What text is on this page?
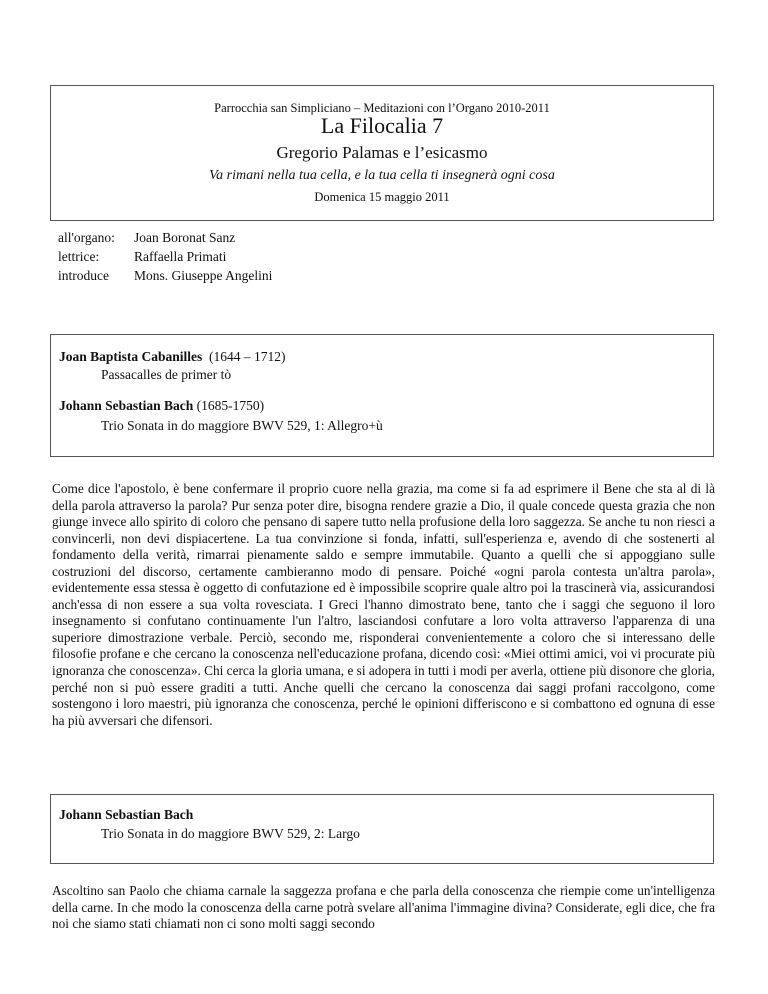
Parrocchia san Simpliciano – Meditazioni con l’Organo 2010-2011
La Filocalia 7
Gregorio Palamas e l’esicasmo
Va rimani nella tua cella, e la tua cella ti insegnerà ogni cosa
Domenica 15 maggio 2011
all'organo: Joan Boronat Sanz
lettrice:	Raffaella Primati
introduce Mons. Giuseppe Angelini
Joan Baptista Cabanilles (1644 – 1712)
Passacalles de primer tò
Johann Sebastian Bach (1685-1750)
Trio Sonata in do maggiore BWV 529, 1: Allegro+ù

Come dice l'apostolo, è bene confermare il proprio cuore nella grazia, ma come si fa ad esprimere il Bene che sta al di là della parola attraverso la parola? Pur senza poter dire, bisogna rendere grazie a Dio, il quale concede questa grazia che non giunge invece allo spirito di coloro che pensano di sapere tutto nella profusione della loro saggezza. Se anche tu non riesci a convincerli, non devi dispiacertene. La tua convinzione si fonda, infatti, sull'esperienza e, avendo di che sostenerti al fondamento della verità, rimarrai pienamente saldo e sempre immutabile. Quanto a quelli che si appoggiano sulle costruzioni del discorso, certamente cambieranno modo di pensare. Poiché «ogni parola contesta un'altra parola», evidentemente essa stessa è oggetto di confutazione ed è impossibile scoprire quale altro poi la trascinerà via, assicurandosi anch'essa di non essere a sua volta rovesciata. I Greci l'hanno dimostrato bene, tanto che i saggi che seguono il loro insegnamento si confutano continuamente l'un l'altro, lasciandosi confutare a loro volta attraverso l'apparenza di una superiore dimostrazione verbale. Perciò, secondo me, risponderai convenientemente a coloro che si interessano delle filosofie profane e che cercano la conoscenza nell'educazione profana, dicendo così: «Miei ottimi amici, voi vi procurate più ignoranza che conoscenza». Chi cerca la gloria umana, e si adopera in tutti i modi per averla, ottiene più disonore che gloria, perché non si può essere graditi a tutti. Anche quelli che cercano la conoscenza dai saggi profani raccolgono, come sostengono i loro maestri, più ignoranza che conoscenza, perché le opinioni differiscono e si combattono ed ognuna di esse ha più avversari che difensori.

Johann Sebastian Bach
Trio Sonata in do maggiore BWV 529, 2: Largo

Ascoltino san Paolo che chiama carnale la saggezza profana e che parla della conoscenza che riempie come un'intelligenza della carne. In che modo la conoscenza della carne potrà svelare all'anima l'immagine divina? Considerate, egli dice, che fra noi che siamo stati chiamati non ci sono molti saggi secondo
